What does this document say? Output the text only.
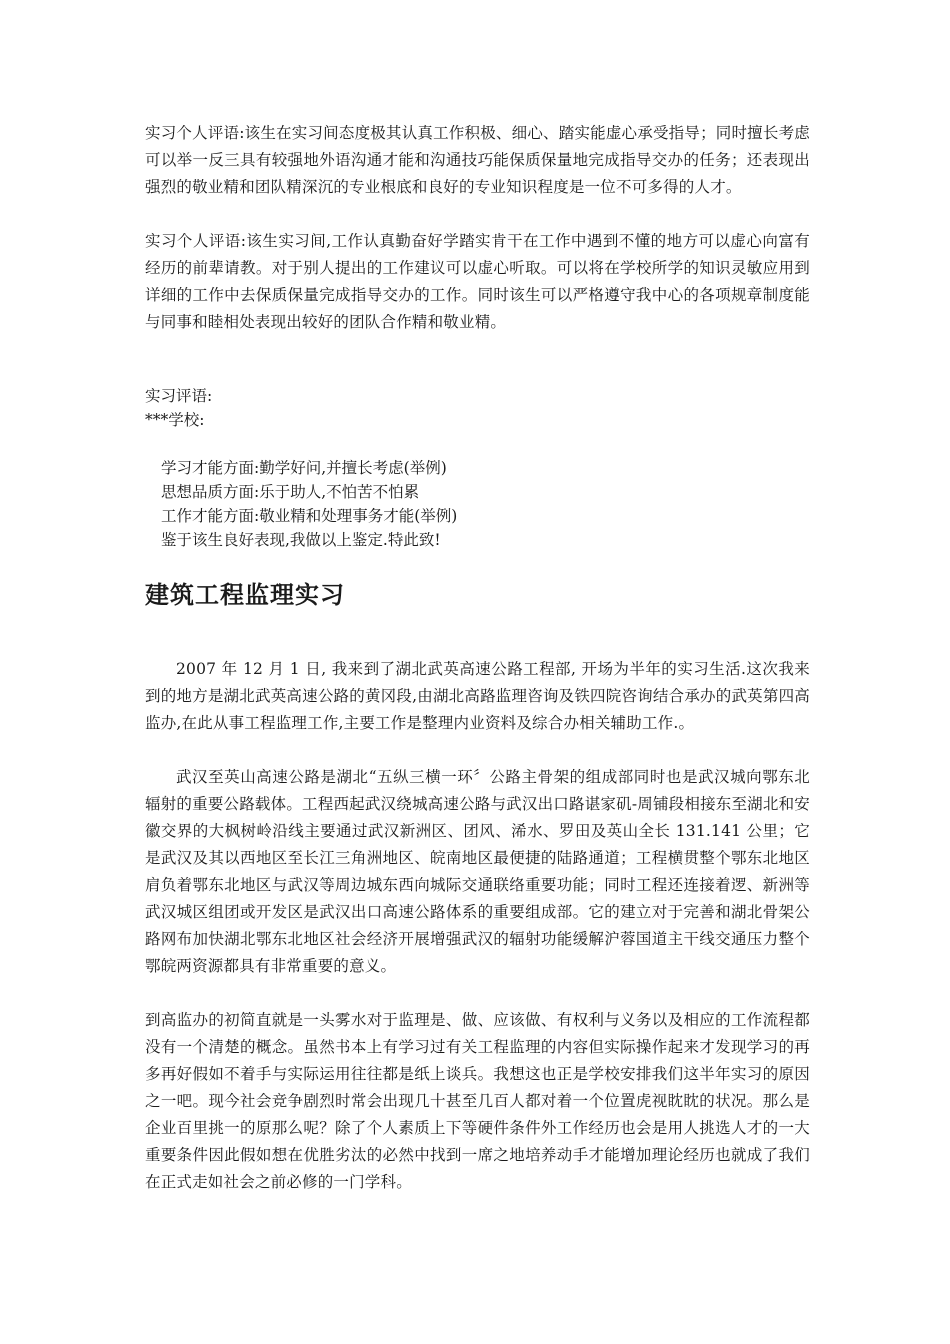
实习个人评语:该生在实习间态度极其认真工作积极、细心、踏实能虚心承受指导；同时擅长考虑可以举一反三具有较强地外语沟通才能和沟通技巧能保质保量地完成指导交办的任务；还表现出强烈的敬业精和团队精深沉的专业根底和良好的专业知识程度是一位不可多得的人才。

实习个人评语:该生实习间,工作认真勤奋好学踏实肯干在工作中遇到不懂的地方可以虚心向富有经历的前辈请教。对于别人提出的工作建议可以虚心听取。可以将在学校所学的知识灵敏应用到详细的工作中去保质保量完成指导交办的工作。同时该生可以严格遵守我中心的各项规章制度能与同事和睦相处表现出较好的团队合作精和敬业精。

实习评语:

***学校:

学习才能方面:勤学好问,并擅长考虑(举例)

思想品质方面:乐于助人,不怕苦不怕累

工作才能方面:敬业精和处理事务才能(举例)

鉴于该生良好表现,我做以上鉴定.特此致!

建筑工程监理实习

2007 年 12 月 1 日, 我来到了湖北武英高速公路工程部, 开场为半年的实习生活.这次我来到的地方是湖北武英高速公路的黄冈段,由湖北高路监理咨询及铁四院咨询结合承办的武英第四高监办,在此从事工程监理工作,主要工作是整理内业资料及综合办相关辅助工作.。

武汉至英山高速公路是湖北“五纵三横一环〞公路主骨架的组成部同时也是武汉城向鄂东北辐射的重要公路载体。工程西起武汉绕城高速公路与武汉出口路谌家矶-周铺段相接东至湖北和安徽交界的大枫树岭沿线主要通过武汉新洲区、团风、浠水、罗田及英山全长 131.141 公里；它是武汉及其以西地区至长江三角洲地区、皖南地区最便捷的陆路通道；工程横贯整个鄂东北地区肩负着鄂东北地区与武汉等周边城东西向城际交通联络重要功能；同时工程还连接着逻、新洲等武汉城区组团或开发区是武汉出口高速公路体系的重要组成部。它的建立对于完善和湖北骨架公路网布加快湖北鄂东北地区社会经济开展增强武汉的辐射功能缓解沪蓉国道主干线交通压力整个鄂皖两资源都具有非常重要的意义。

到高监办的初简直就是一头雾水对于监理是、做、应该做、有权利与义务以及相应的工作流程都没有一个清楚的概念。虽然书本上有学习过有关工程监理的内容但实际操作起来才发现学习的再多再好假如不着手与实际运用往往都是纸上谈兵。我想这也正是学校安排我们这半年实习的原因之一吧。现今社会竞争剧烈时常会出现几十甚至几百人都对着一个位置虎视眈眈的状况。那么是企业百里挑一的原那么呢？除了个人素质上下等硬件条件外工作经历也会是用人挑选人才的一大重要条件因此假如想在优胜劣汰的必然中找到一席之地培养动手才能增加理论经历也就成了我们在正式走如社会之前必修的一门学科。
